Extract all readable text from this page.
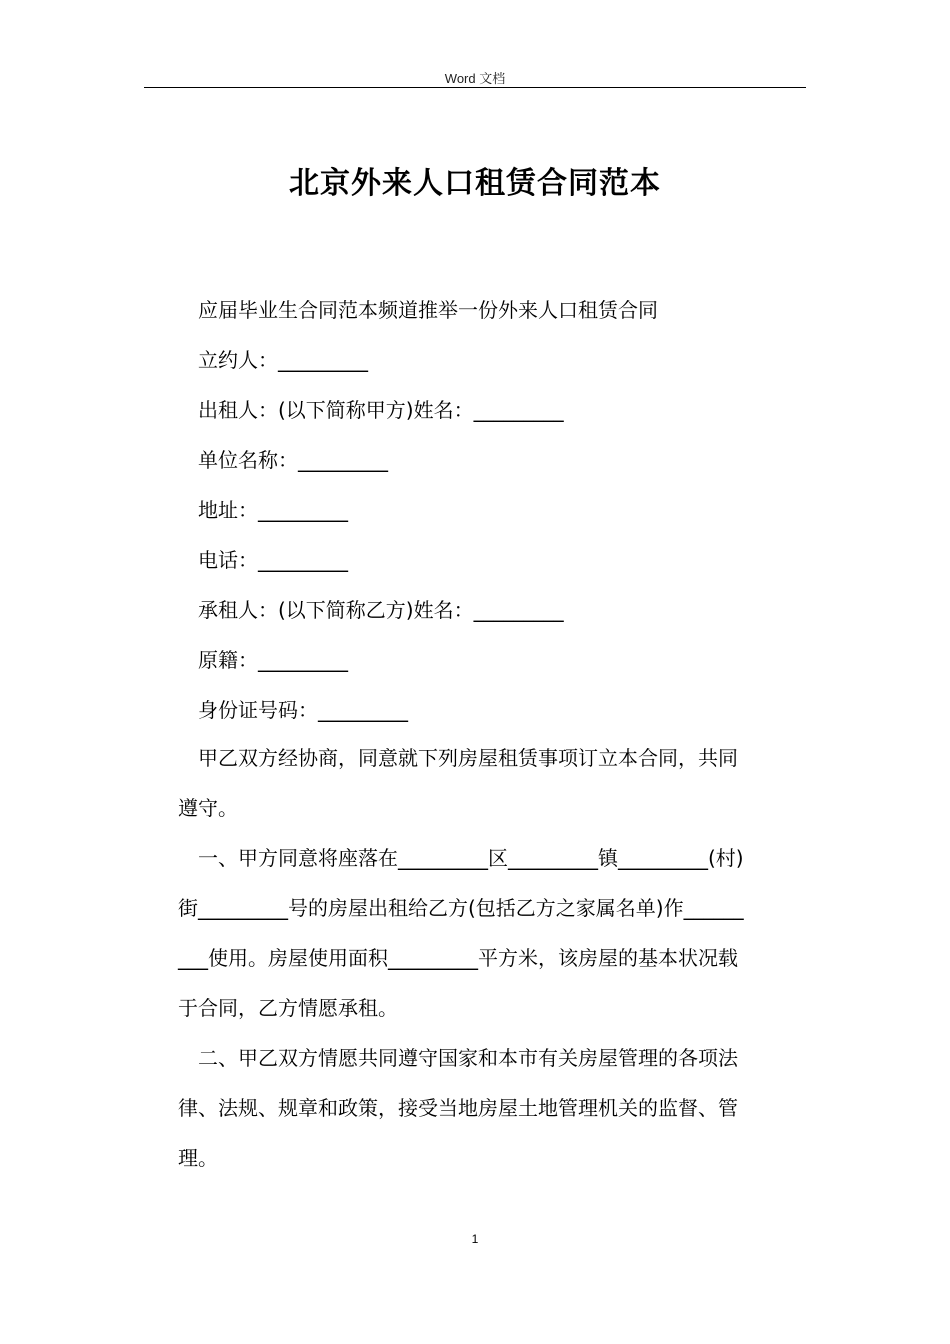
Word 文档
北京外来人口租赁合同范本
应届毕业生合同范本频道推举一份外来人口租赁合同
立约人：_________
出租人：(以下简称甲方)姓名：_________
单位名称：_________
地址：_________
电话：_________
承租人：(以下简称乙方)姓名：_________
原籍：_________
身份证号码：_________
甲乙双方经协商，同意就下列房屋租赁事项订立本合同，共同
遵守。
一、甲方同意将座落在_________区_________镇_________(村)
街_________号的房屋出租给乙方(包括乙方之家属名单)作______
___使用。房屋使用面积_________平方米，该房屋的基本状况载
于合同，乙方情愿承租。
二、甲乙双方情愿共同遵守国家和本市有关房屋管理的各项法
律、法规、规章和政策，接受当地房屋土地管理机关的监督、管
理。
1
